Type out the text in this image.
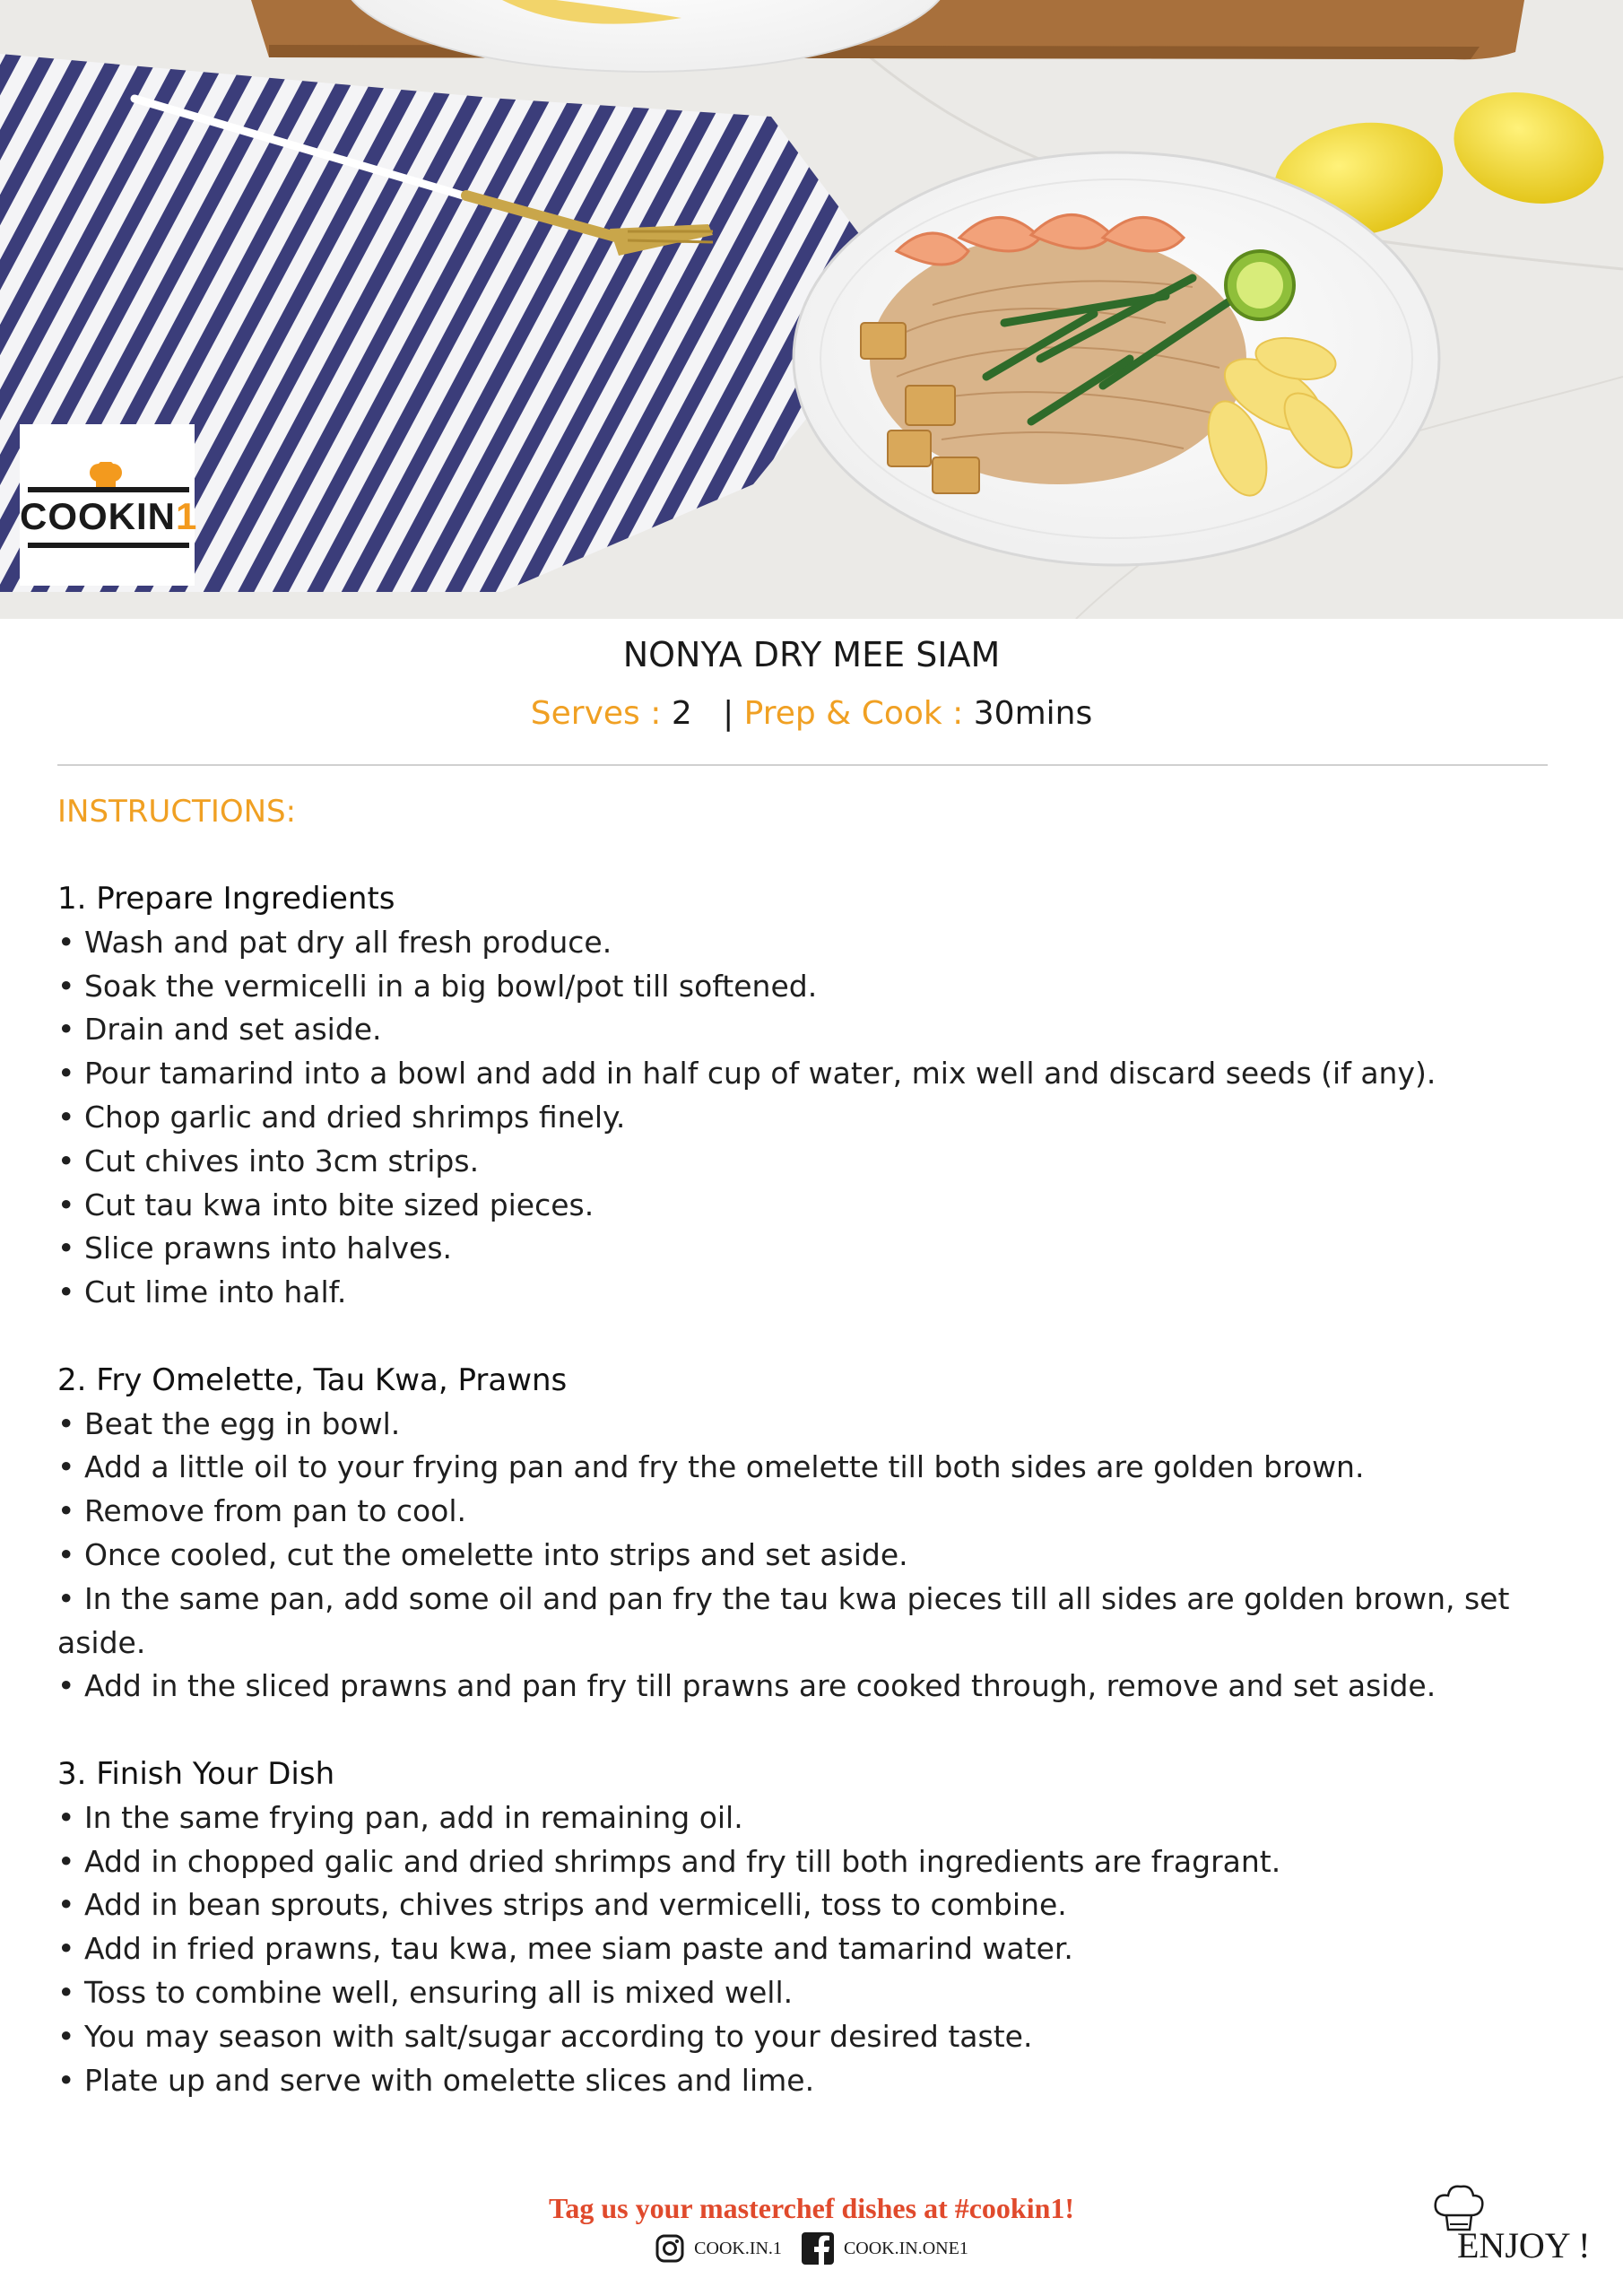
COOKIN1
NONYA DRY MEE SIAM
Serves : 2 | Prep & Cook : 30mins
INSTRUCTIONS:
1. Prepare Ingredients
• Wash and pat dry all fresh produce.
• Soak the vermicelli in a big bowl/pot till softened.
• Drain and set aside.
• Pour tamarind into a bowl and add in half cup of water, mix well and discard seeds (if any).
• Chop garlic and dried shrimps finely.
• Cut chives into 3cm strips.
• Cut tau kwa into bite sized pieces.
• Slice prawns into halves.
• Cut lime into half.
2. Fry Omelette, Tau Kwa, Prawns
• Beat the egg in bowl.
• Add a little oil to your frying pan and fry the omelette till both sides are golden brown.
• Remove from pan to cool.
• Once cooled, cut the omelette into strips and set aside.
• In the same pan, add some oil and pan fry the tau kwa pieces till all sides are golden brown, set aside.
• Add in the sliced prawns and pan fry till prawns are cooked through, remove and set aside.
3. Finish Your Dish
• In the same frying pan, add in remaining oil.
• Add in chopped galic and dried shrimps and fry till both ingredients are fragrant.
• Add in bean sprouts, chives strips and vermicelli, toss to combine.
• Add in fried prawns, tau kwa, mee siam paste and tamarind water.
• Toss to combine well, ensuring all is mixed well.
• You may season with salt/sugar according to your desired taste.
• Plate up and serve with omelette slices and lime.
Tag us your masterchef dishes at #cookin1!
COOK.IN.1
	COOK.IN.ONE1	ENJOY !
